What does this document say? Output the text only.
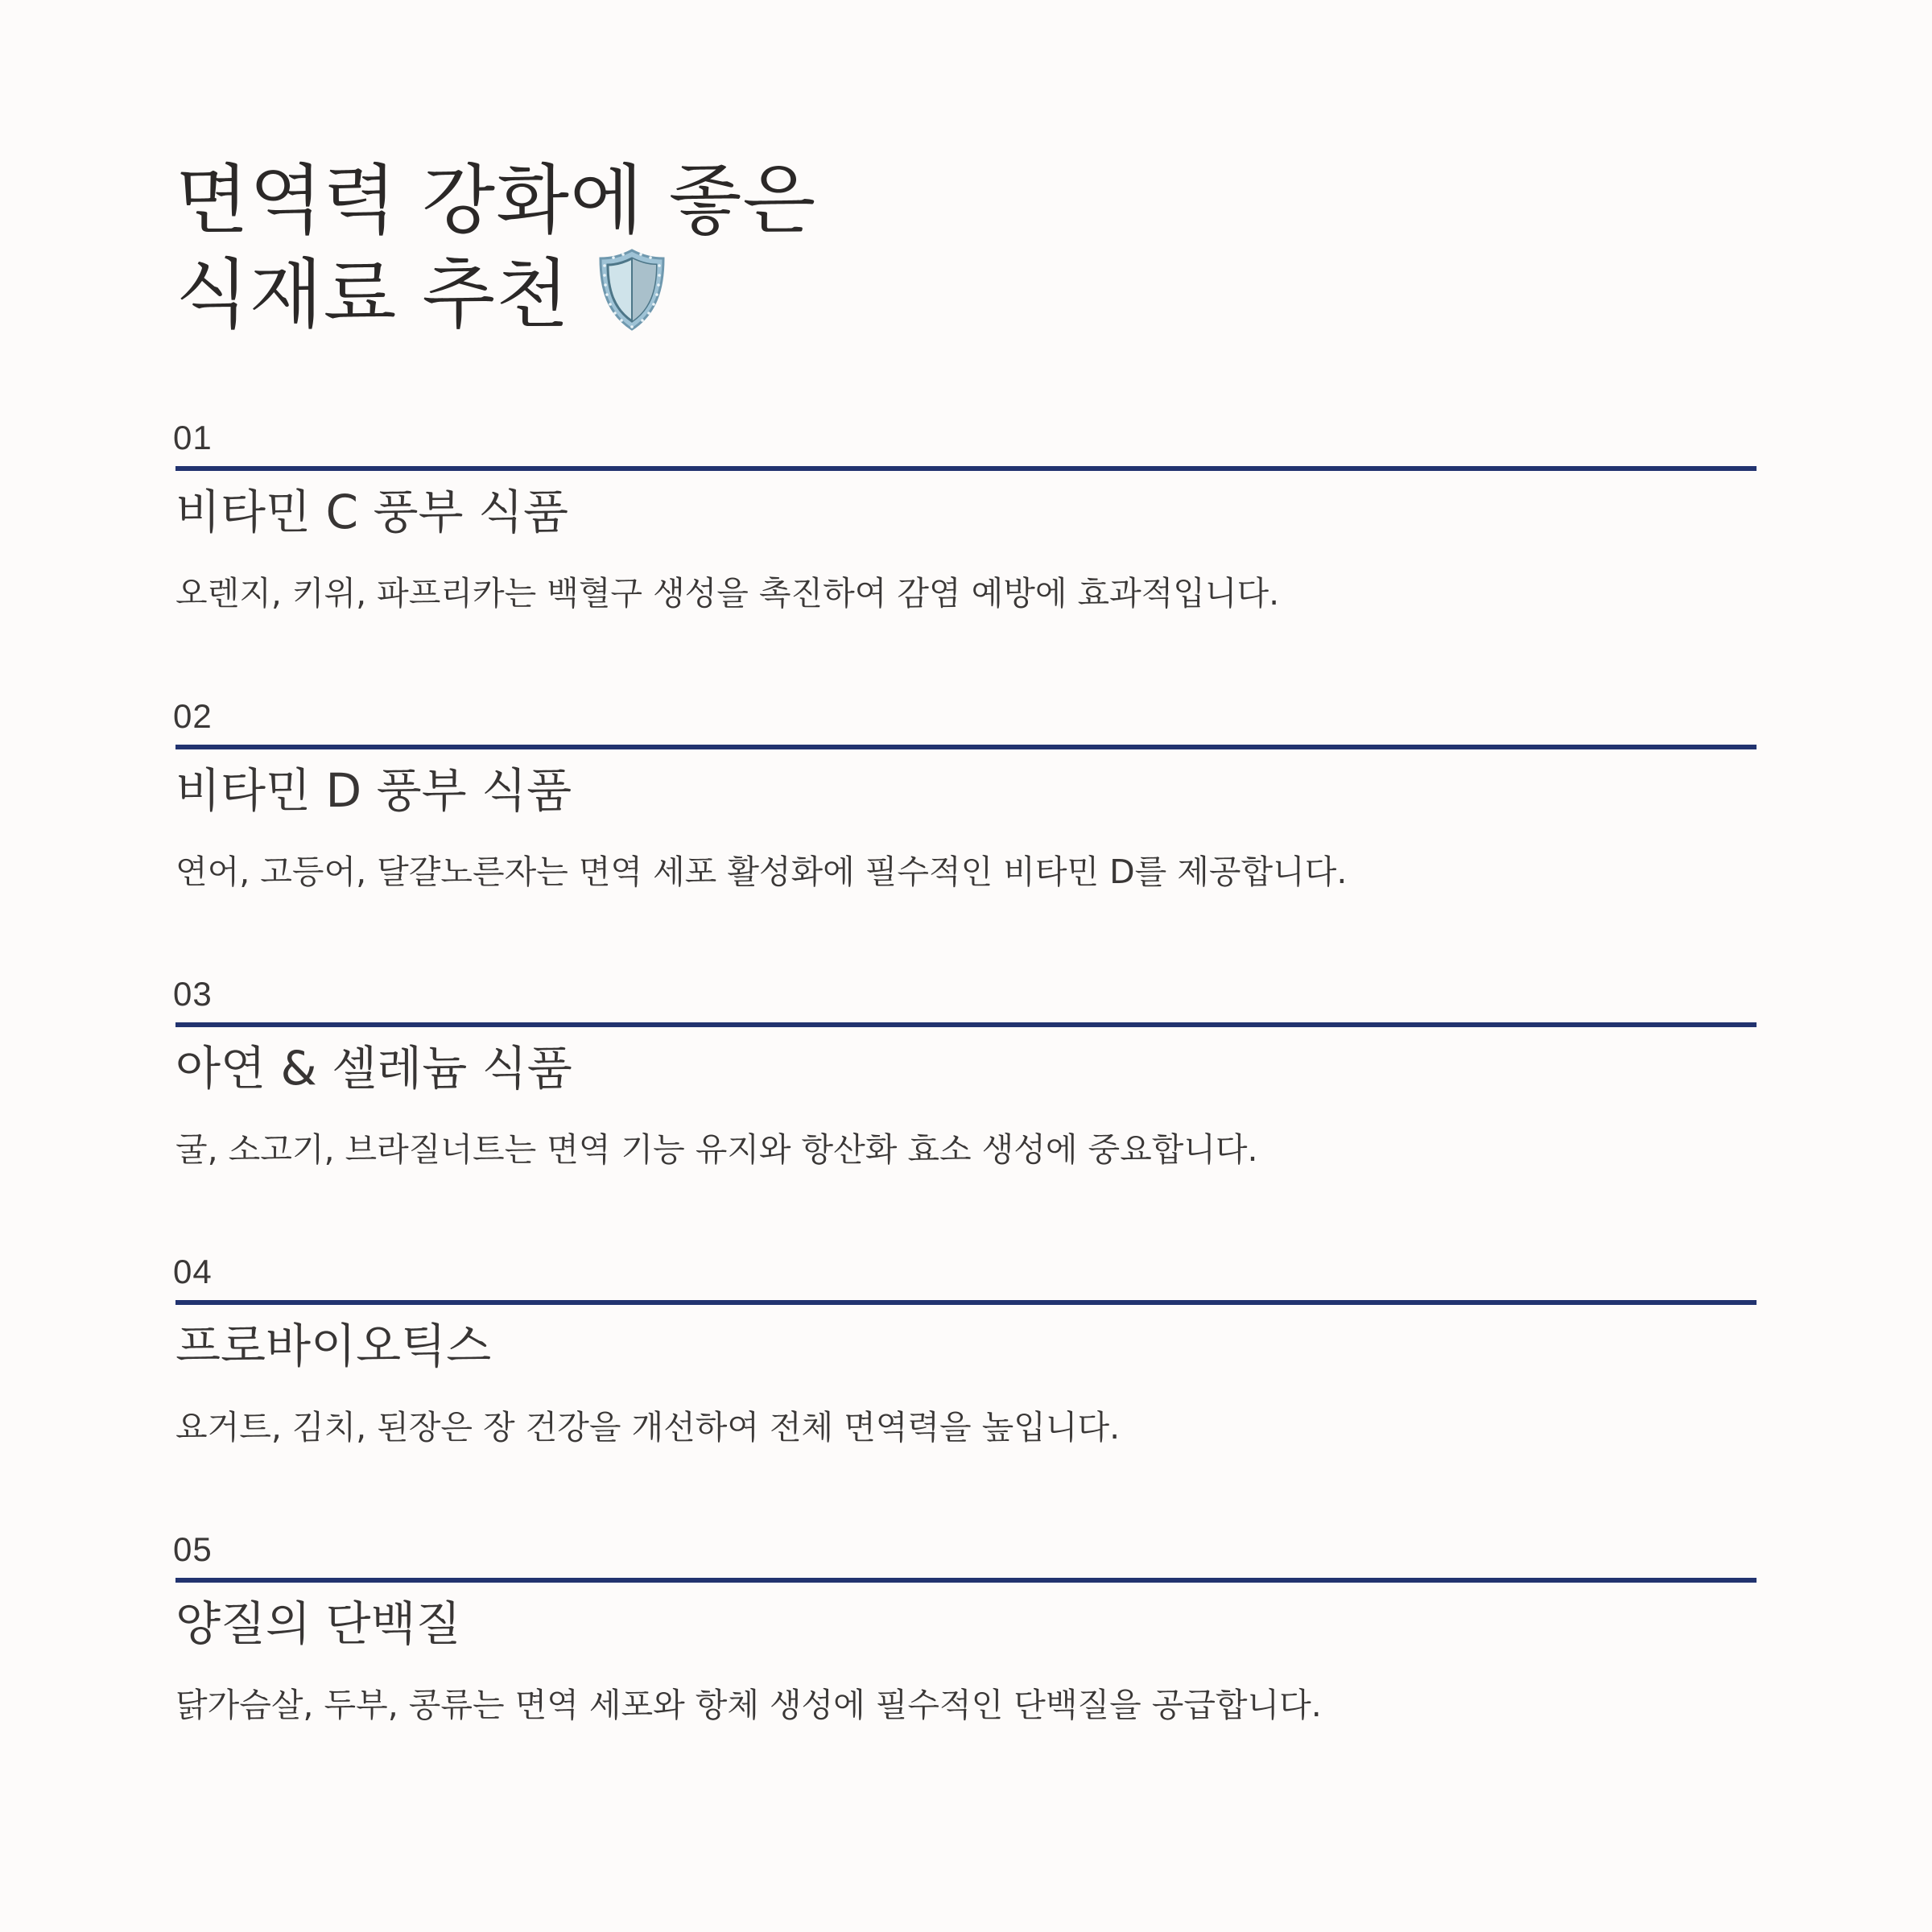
면역력 강화에 좋은
식재료 추천
01
비타민 C 풍부 식품
오렌지, 키위, 파프리카는 백혈구 생성을 촉진하여 감염 예방에 효과적입니다.
02
비타민 D 풍부 식품
연어, 고등어, 달걀노른자는 면역 세포 활성화에 필수적인 비타민 D를 제공합니다.
03
아연 & 셀레늄 식품
굴, 소고기, 브라질너트는 면역 기능 유지와 항산화 효소 생성에 중요합니다.
04
프로바이오틱스
요거트, 김치, 된장은 장 건강을 개선하여 전체 면역력을 높입니다.
05
양질의 단백질
닭가슴살, 두부, 콩류는 면역 세포와 항체 생성에 필수적인 단백질을 공급합니다.
